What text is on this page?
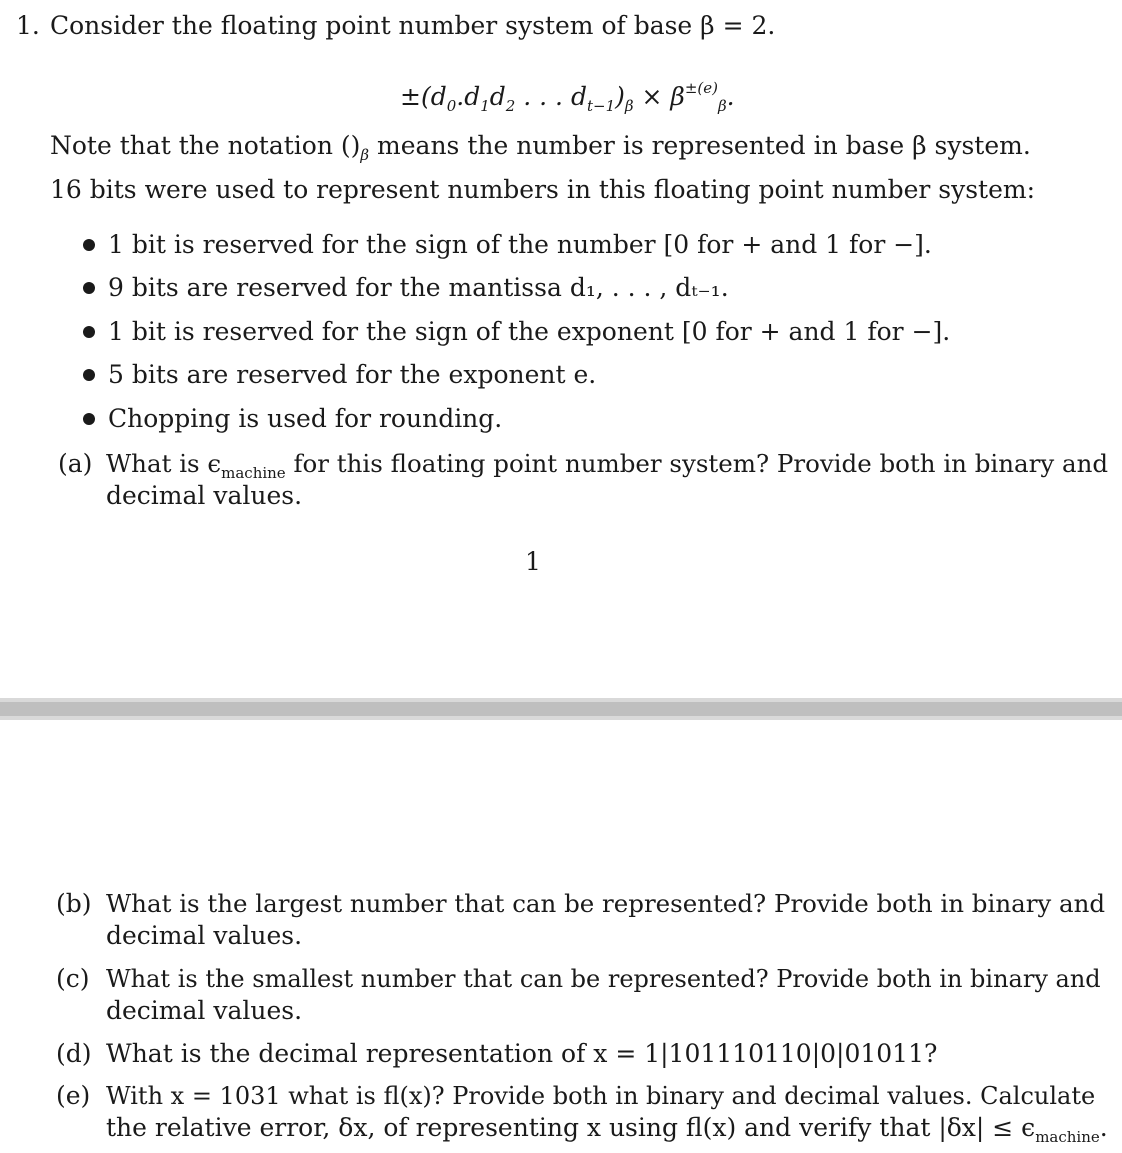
1. Consider the floating point number system of base β = 2.
$\pm(d_0.d_1d_2$ . . . $d_{t-1})_\beta \times \beta^{\pm(e)}_\beta$.
Note that the notation $()_\beta$ means the number is represented in base β system.
16 bits were used to represent numbers in this floating point number system:
1 bit is reserved for the sign of the number [0 for + and 1 for −].
9 bits are reserved for the mantissa d₁, . . . , dₜ₋₁.
1 bit is reserved for the sign of the exponent [0 for + and 1 for −].
5 bits are reserved for the exponent e.
Chopping is used for rounding.
(a) What is $\epsilon_{machine}$ for this floating point number system? Provide both in binary and
decimal values.
1
(b) What is the largest number that can be represented? Provide both in binary and
decimal values.
(c) What is the smallest number that can be represented? Provide both in binary and
decimal values.
(d) What is the decimal representation of x = 1|101110110|0|01011?
(e) With x = 1031 what is fl(x)? Provide both in binary and decimal values. Calculate
the relative error, δx, of representing x using fl(x) and verify that $|\delta x| \le \epsilon_{machine}$.
